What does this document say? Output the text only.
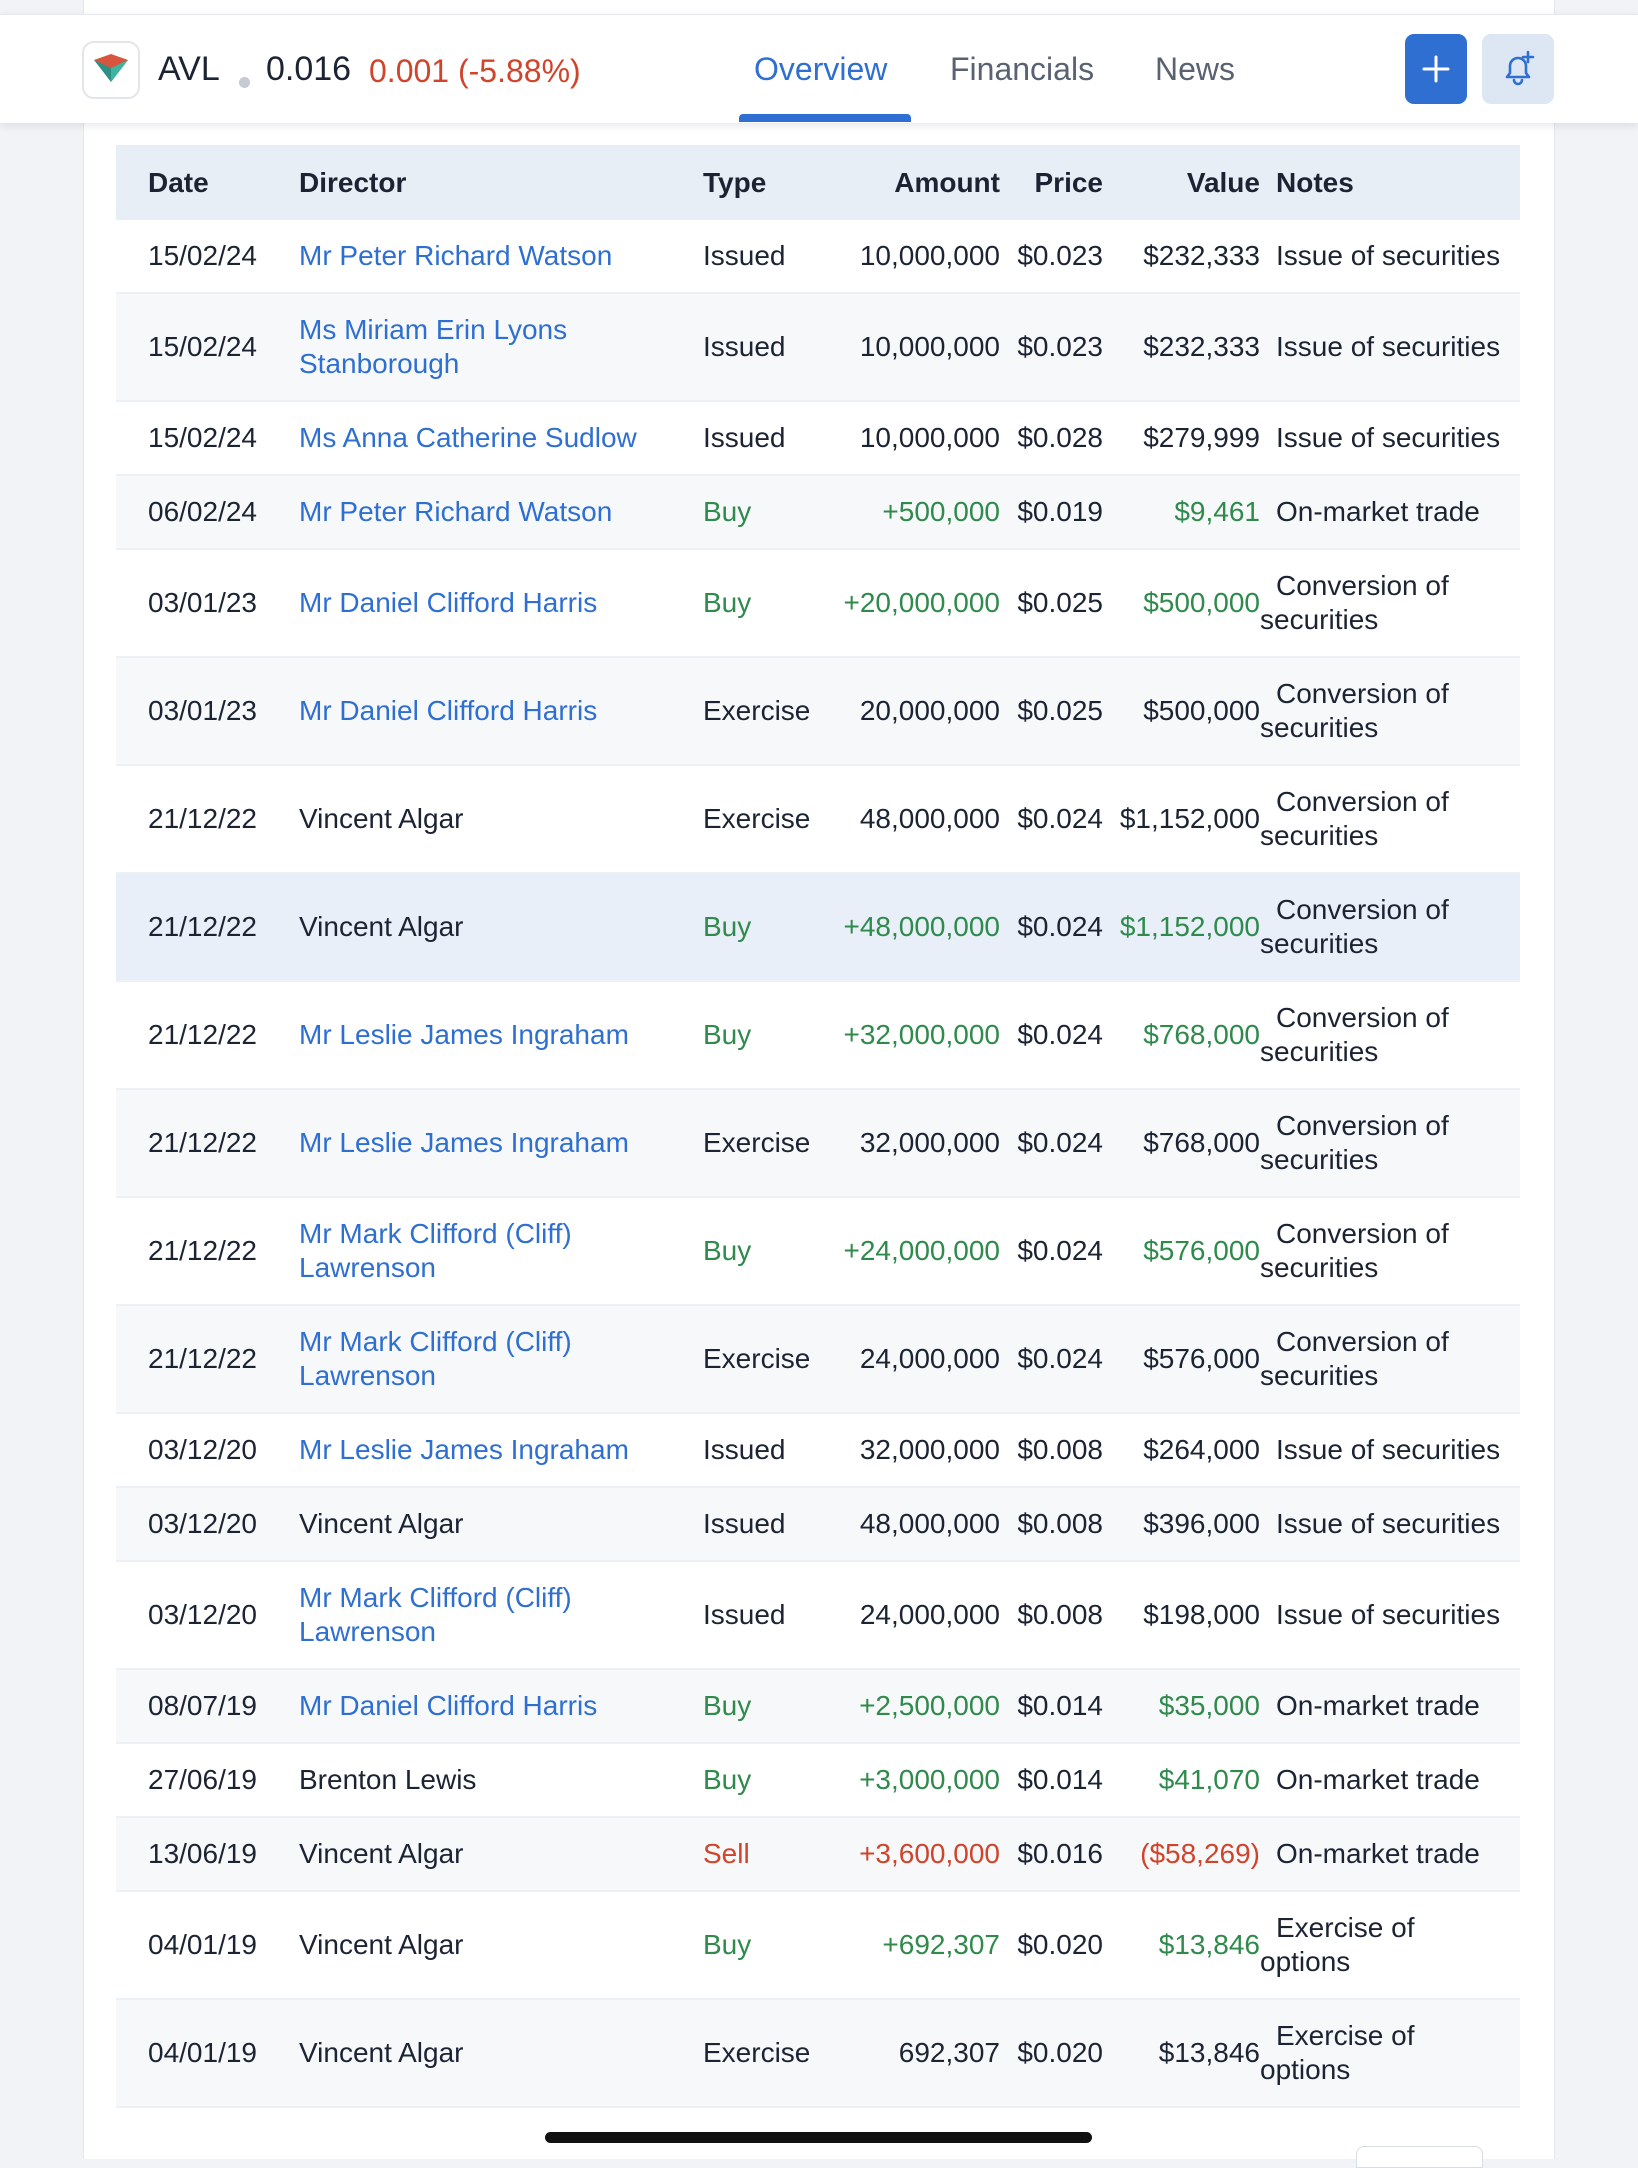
AVL 0.016 0.001 (-5.88%)	Overview Financials News
Date	Director	Type	Amount	Price	Value	Notes
15/02/24	Mr Peter Richard Watson	Issued	10,000,000	$0.023	$232,333	Issue of securities

15/02/24	Ms Miriam Erin Lyons
Stanborough	Issued	10,000,000	$0.023	$232,333	Issue of securities

15/02/24	Ms Anna Catherine Sudlow	Issued	10,000,000	$0.028	$279,999	Issue of securities

06/02/24	Mr Peter Richard Watson	Buy	+500,000	$0.019	$9,461	On-market trade

03/01/23	Mr Daniel Clifford Harris	Buy	+20,000,000	$0.025	$500,000	Conversion of
securities

03/01/23	Mr Daniel Clifford Harris	Exercise	20,000,000	$0.025	$500,000	Conversion of
securities

21/12/22	Vincent Algar	Exercise	48,000,000	$0.024	$1,152,000	Conversion of
securities

21/12/22	Vincent Algar	Buy	+48,000,000	$0.024	$1,152,000	Conversion of
securities

21/12/22	Mr Leslie James Ingraham	Buy	+32,000,000	$0.024	$768,000	Conversion of
securities

21/12/22	Mr Leslie James Ingraham	Exercise	32,000,000	$0.024	$768,000	Conversion of
securities

21/12/22	Mr Mark Clifford (Cliff)
Lawrenson	Buy	+24,000,000	$0.024	$576,000	Conversion of
securities

21/12/22	Mr Mark Clifford (Cliff)
Lawrenson	Exercise	24,000,000	$0.024	$576,000	Conversion of
securities

03/12/20	Mr Leslie James Ingraham	Issued	32,000,000	$0.008	$264,000	Issue of securities

03/12/20	Vincent Algar	Issued	48,000,000	$0.008	$396,000	Issue of securities

03/12/20	Mr Mark Clifford (Cliff)
Lawrenson	Issued	24,000,000	$0.008	$198,000	Issue of securities

08/07/19	Mr Daniel Clifford Harris	Buy	+2,500,000	$0.014	$35,000	On-market trade

27/06/19	Brenton Lewis	Buy	+3,000,000	$0.014	$41,070	On-market trade

13/06/19	Vincent Algar	Sell	+3,600,000	$0.016	($58,269)	On-market trade

04/01/19	Vincent Algar	Buy	+692,307	$0.020	$13,846	Exercise of
options

04/01/19	Vincent Algar	Exercise	692,307	$0.020	$13,846	Exercise of
options
